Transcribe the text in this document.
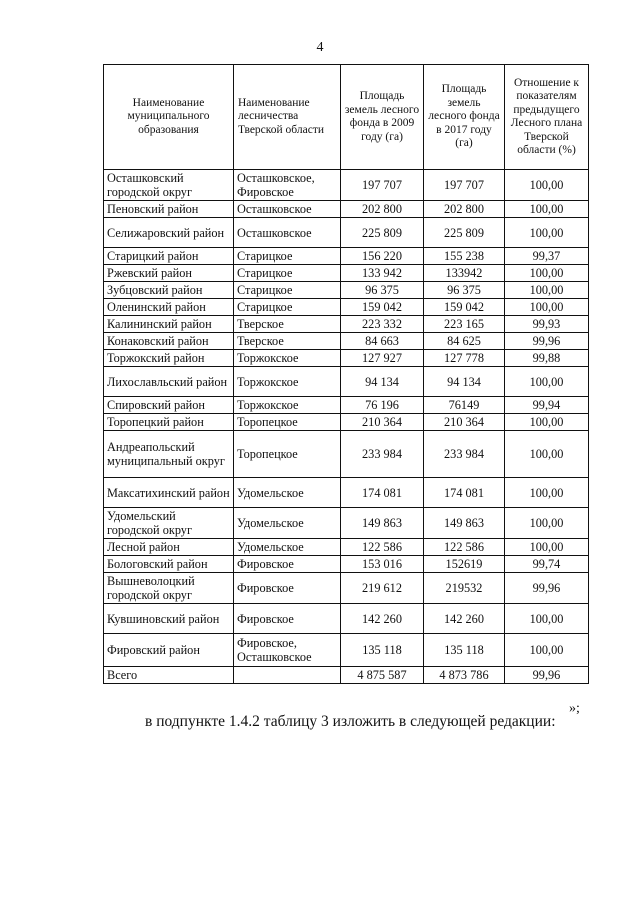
4
Наименование муниципального образования	Наименование лесничества Тверской области	Площадь земель лесного фонда в 2009 году (га)	Площадь земель лесного фонда в 2017 году (га)	Отношение к показателям предыдущего Лесного плана Тверской области (%)
Осташковский городской округ	Осташковское, Фировское	197 707	197 707	100,00
Пеновский район	Осташковское	202 800	202 800	100,00
Селижаровский район	Осташковское	225 809	225 809	100,00
Старицкий район	Старицкое	156 220	155 238	99,37
Ржевский район	Старицкое	133 942	133942	100,00
Зубцовский район	Старицкое	96 375	96 375	100,00
Оленинский район	Старицкое	159 042	159 042	100,00
Калининский район	Тверское	223 332	223 165	99,93
Конаковский район	Тверское	84 663	84 625	99,96
Торжокский район	Торжокское	127 927	127 778	99,88
Лихославльский район	Торжокское	94 134	94 134	100,00
Спировский район	Торжокское	76 196	76149	99,94
Торопецкий район	Торопецкое	210 364	210 364	100,00
Андреапольский муниципальный округ	Торопецкое	233 984	233 984	100,00
Максатихинский район	Удомельское	174 081	174 081	100,00
Удомельский городской округ	Удомельское	149 863	149 863	100,00
Лесной район	Удомельское	122 586	122 586	100,00
Бологовский район	Фировское	153 016	152619	99,74
Вышневолоцкий городской округ	Фировское	219 612	219532	99,96
Кувшиновский район	Фировское	142 260	142 260	100,00
Фировский район	Фировское, Осташковское	135 118	135 118	100,00
Всего		4 875 587	4 873 786	99,96
»;
в подпункте 1.4.2 таблицу 3 изложить в следующей редакции:
